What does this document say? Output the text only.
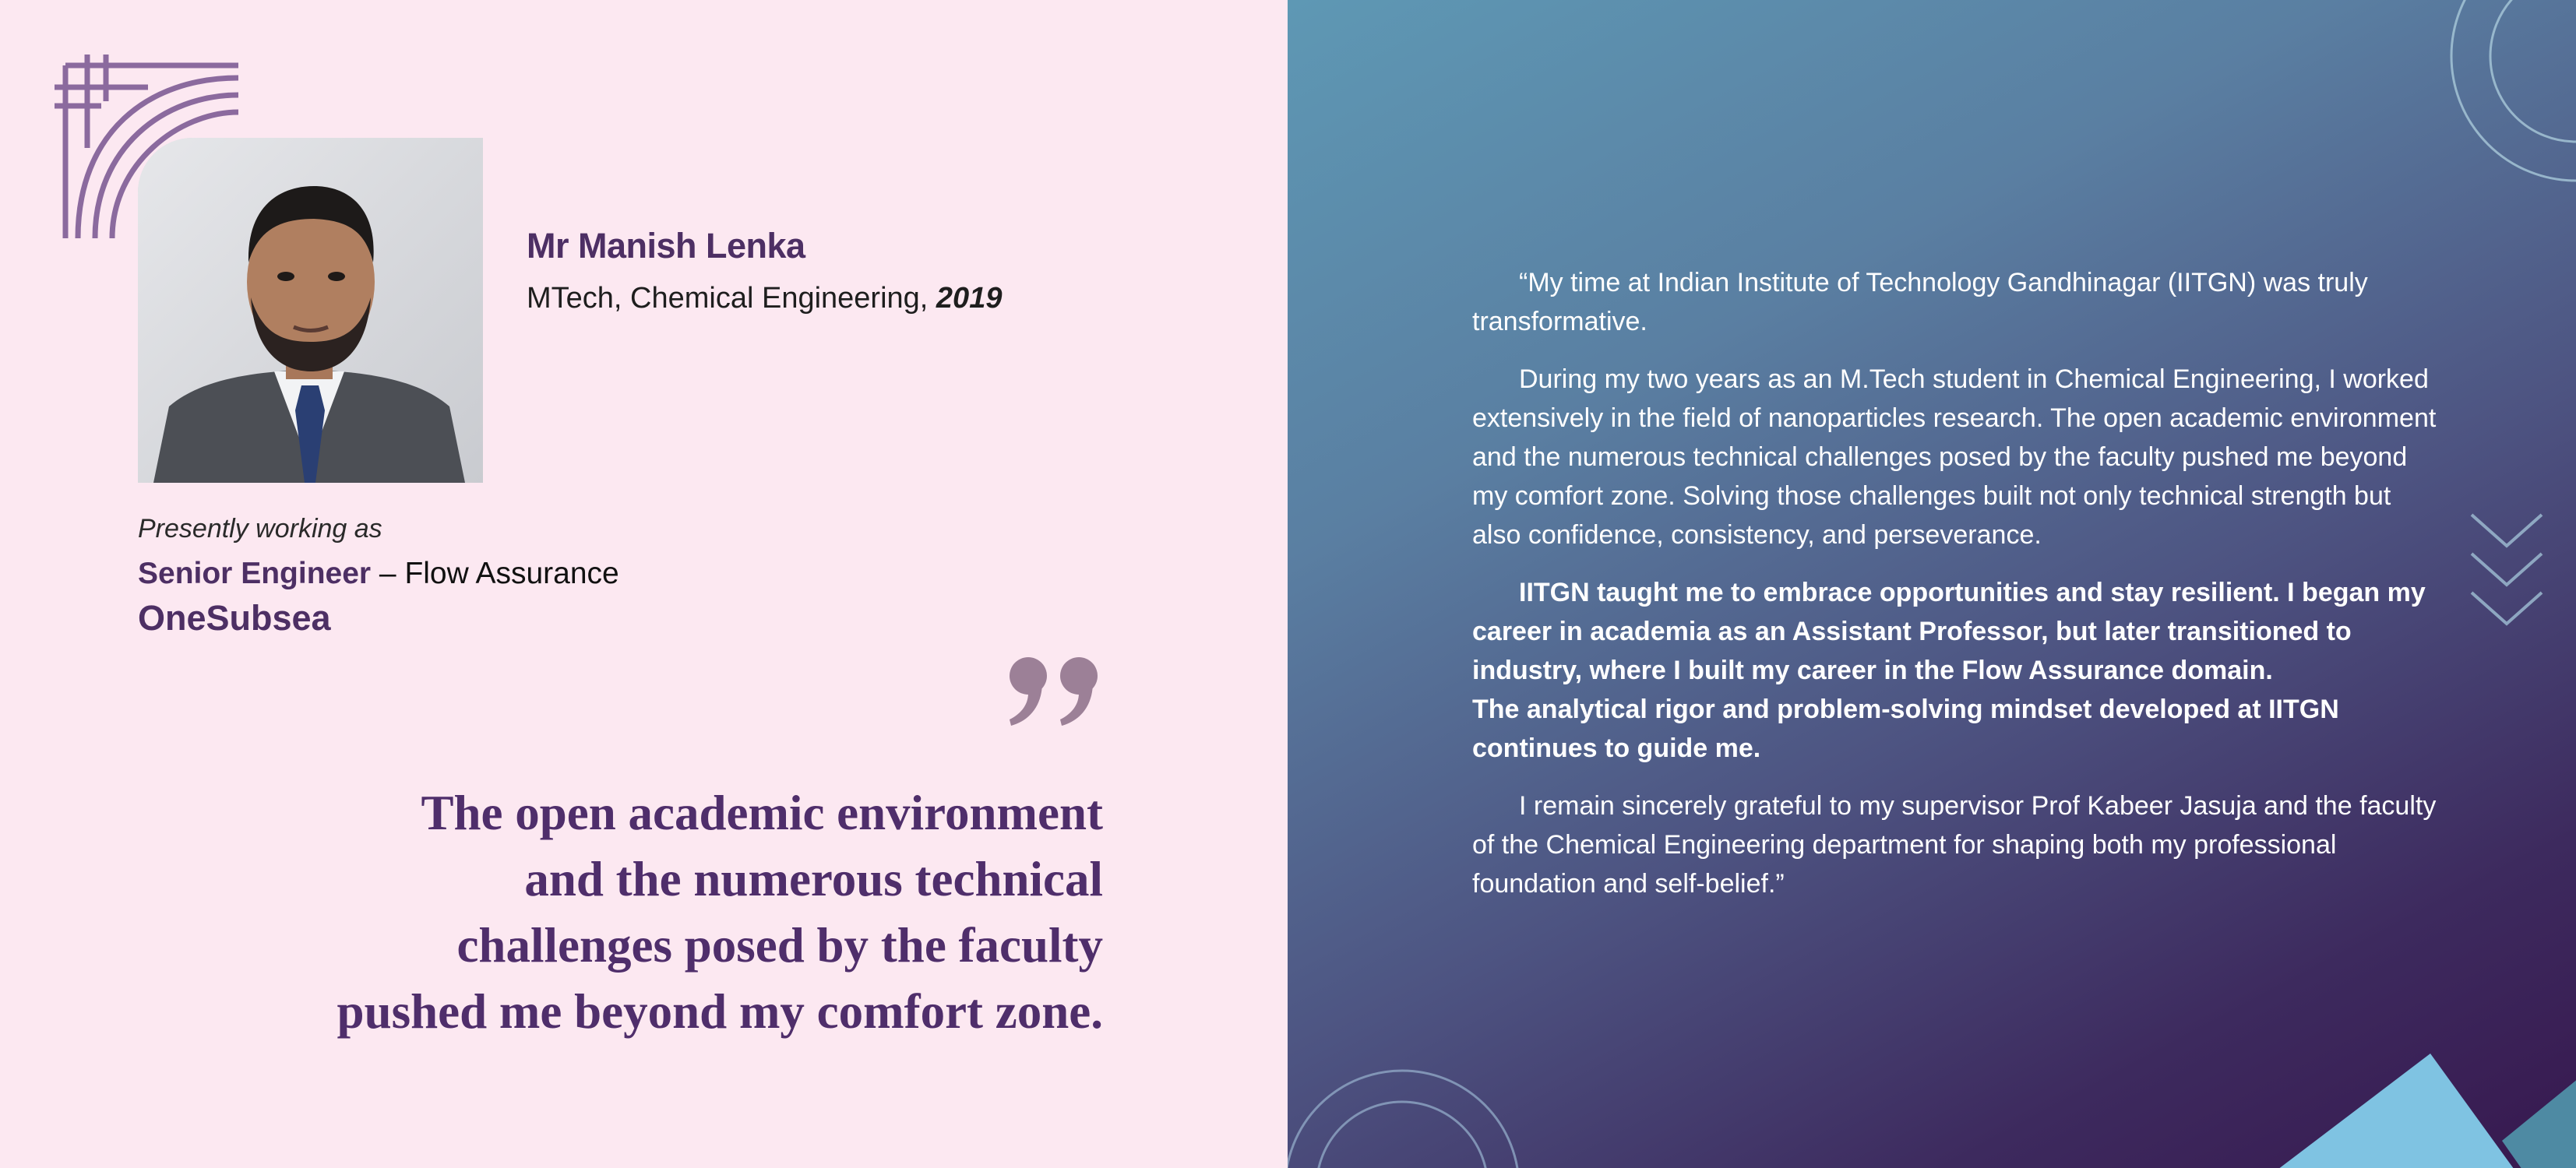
Mr Manish Lenka
MTech, Chemical Engineering, 2019
Presently working as
Senior Engineer – Flow Assurance
OneSubsea
The open academic environment
and the numerous technical
challenges posed by the faculty
pushed me beyond my comfort zone.

“My time at Indian Institute of Technology Gandhinagar (IITGN) was truly transformative.

During my two years as an M.Tech student in Chemical Engineering, I worked extensively in the field of nanoparticles research. The open academic environment and the numerous technical challenges posed by the faculty pushed me beyond my comfort zone. Solving those challenges built not only technical strength but also confidence, consistency, and perseverance.

IITGN taught me to embrace opportunities and stay resilient. I began my career in academia as an Assistant Professor, but later transitioned to industry, where I built my career in the Flow Assurance domain.

The analytical rigor and problem-solving mindset developed at IITGN continues to guide me.

I remain sincerely grateful to my supervisor Prof Kabeer Jasuja and the faculty of the Chemical Engineering department for shaping both my professional foundation and self-belief.”
